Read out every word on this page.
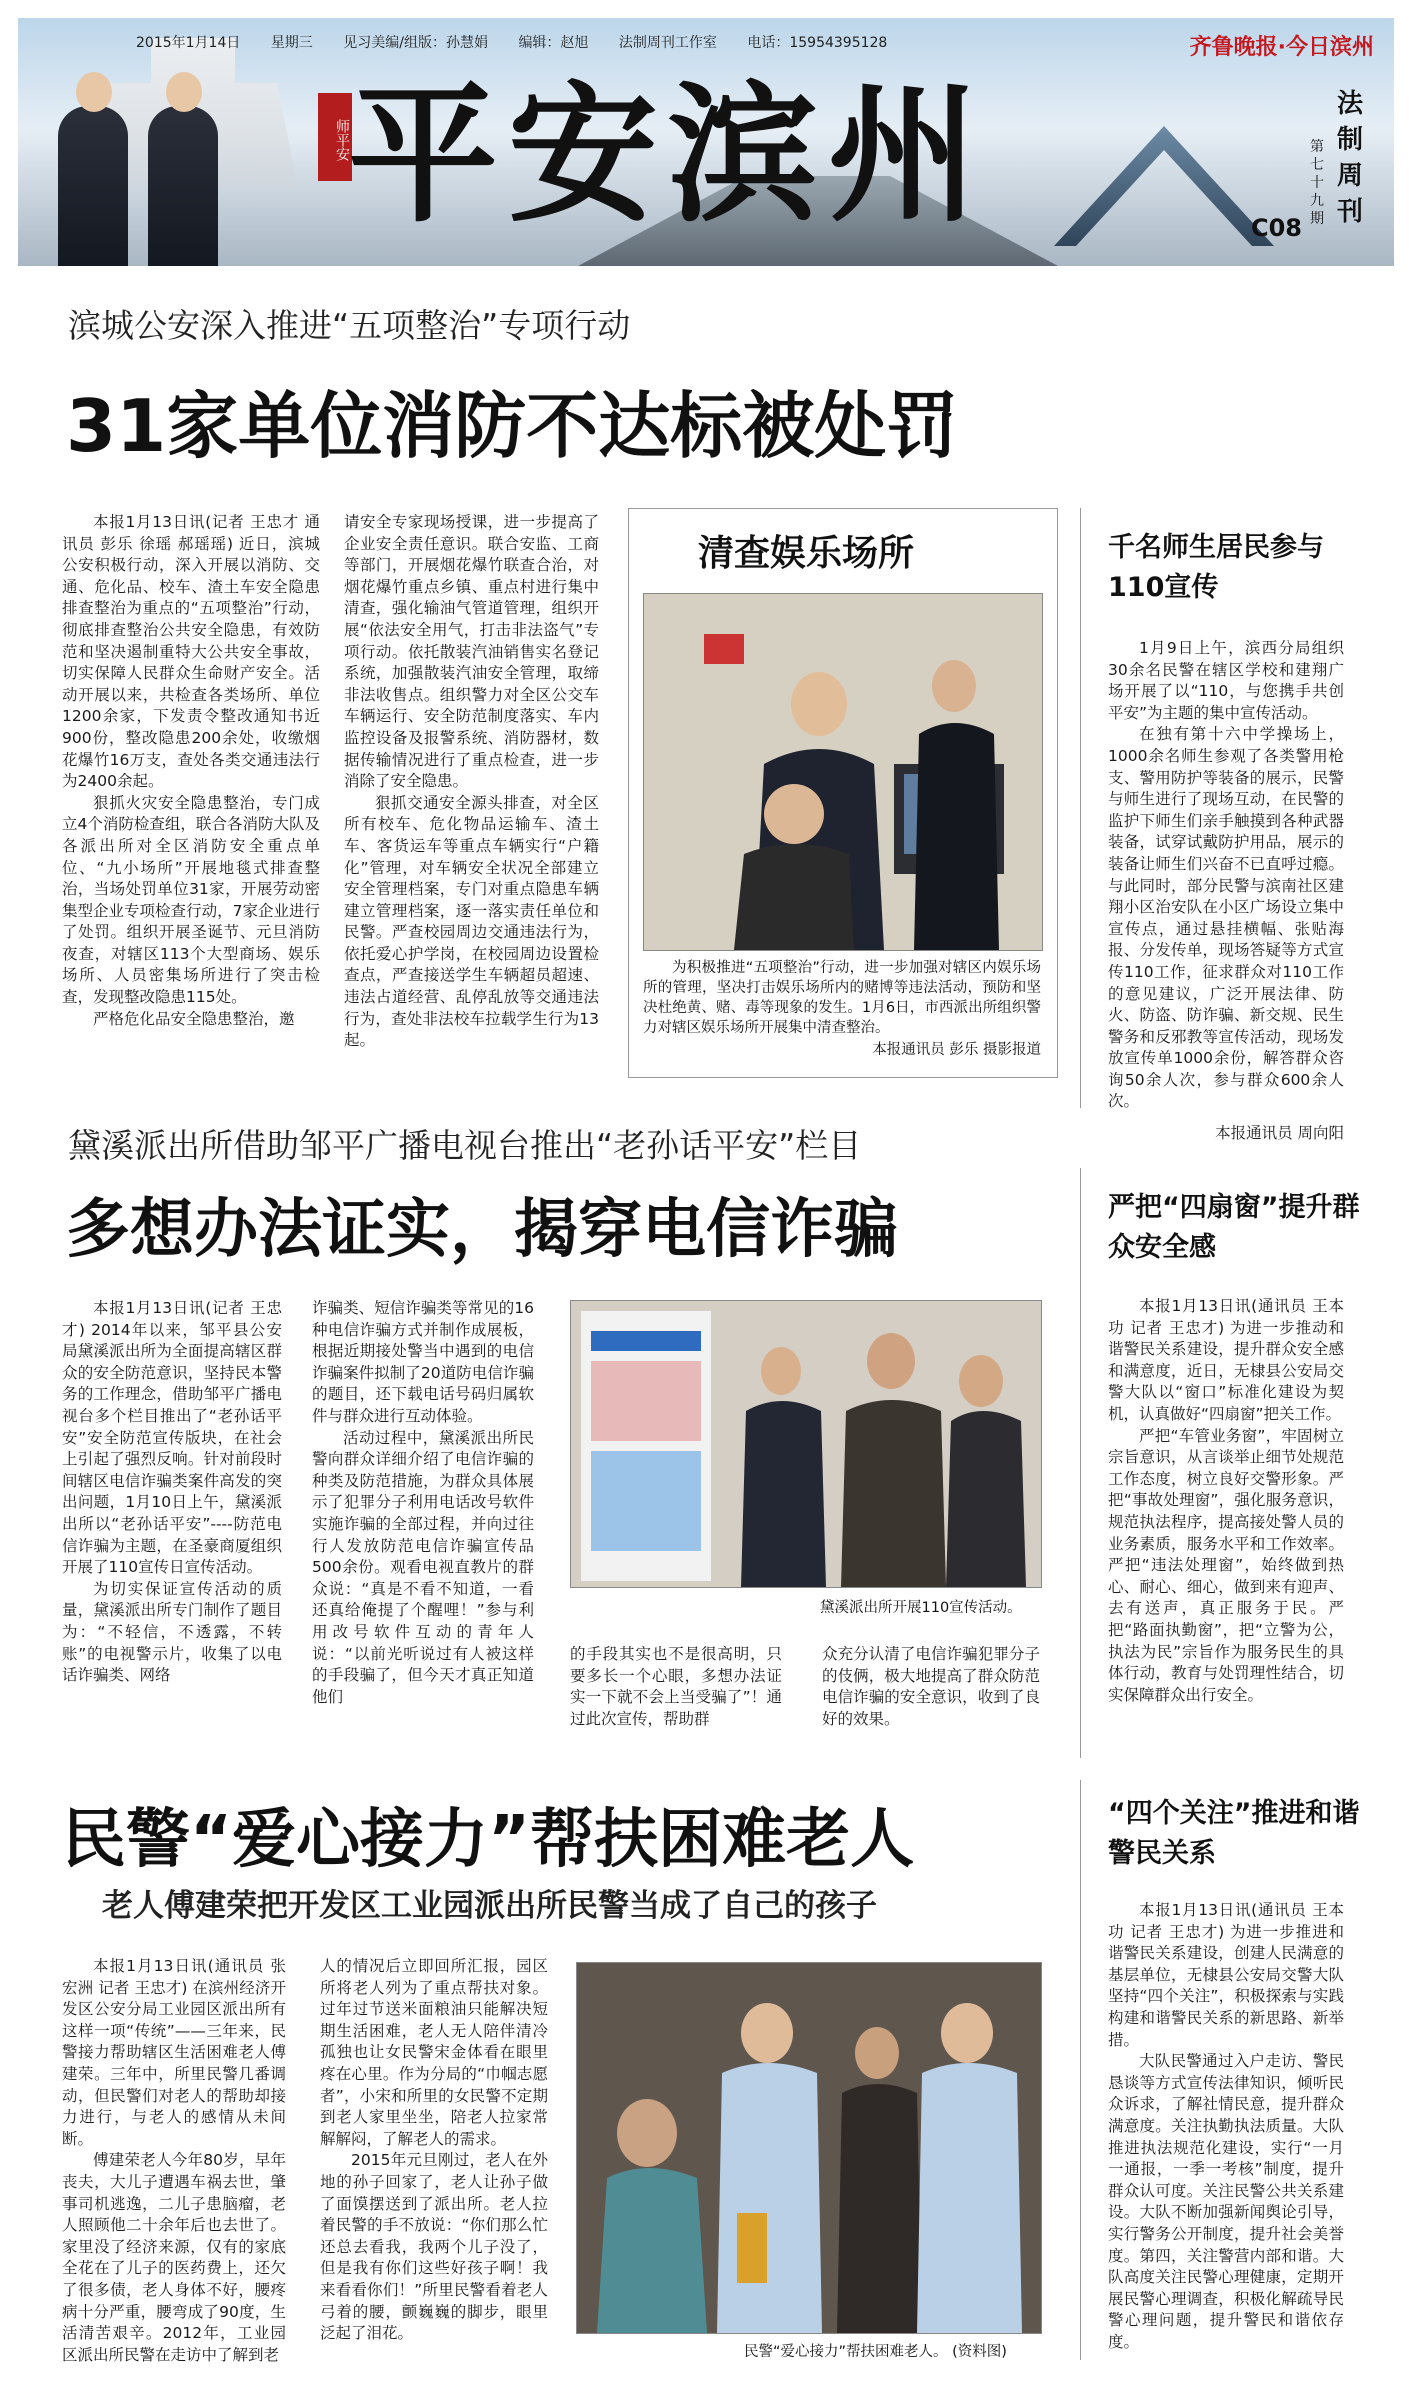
2015年1月14日 星期三 见习美编/组版：孙慧娟 编辑：赵旭 法制周刊工作室 电话：15954395128
师平安
平安滨州
齐鲁晚报·今日滨州
法制周刊
第七十九期
C08
滨城公安深入推进“五项整治”专项行动
31家单位消防不达标被处罚

本报1月13日讯(记者 王忠才 通讯员 彭乐 徐瑶 郝瑶瑶) 近日，滨城公安积极行动，深入开展以消防、交通、危化品、校车、渣土车安全隐患排查整治为重点的“五项整治”行动，彻底排查整治公共安全隐患，有效防范和坚决遏制重特大公共安全事故，切实保障人民群众生命财产安全。活动开展以来，共检查各类场所、单位1200余家，下发责令整改通知书近900份，整改隐患200余处，收缴烟花爆竹16万支，查处各类交通违法行为2400余起。

狠抓火灾安全隐患整治，专门成立4个消防检查组，联合各消防大队及各派出所对全区消防安全重点单位、“九小场所”开展地毯式排查整治，当场处罚单位31家，开展劳动密集型企业专项检查行动，7家企业进行了处罚。组织开展圣诞节、元旦消防夜查，对辖区113个大型商场、娱乐场所、人员密集场所进行了突击检查，发现整改隐患115处。

严格危化品安全隐患整治，邀

请安全专家现场授课，进一步提高了企业安全责任意识。联合安监、工商等部门，开展烟花爆竹联查合治，对烟花爆竹重点乡镇、重点村进行集中清查，强化输油气管道管理，组织开展“依法安全用气，打击非法盗气”专项行动。依托散装汽油销售实名登记系统，加强散装汽油安全管理，取缔非法收售点。组织警力对全区公交车车辆运行、安全防范制度落实、车内监控设备及报警系统、消防器材，数据传输情况进行了重点检查，进一步消除了安全隐患。

狠抓交通安全源头排查，对全区所有校车、危化物品运输车、渣土车、客货运车等重点车辆实行“户籍化”管理，对车辆安全状况全部建立安全管理档案，专门对重点隐患车辆建立管理档案，逐一落实责任单位和民警。严查校园周边交通违法行为，依托爱心护学岗，在校园周边设置检查点，严查接送学生车辆超员超速、违法占道经营、乱停乱放等交通违法行为，查处非法校车拉载学生行为13起。

清查娱乐场所
为积极推进“五项整治”行动，进一步加强对辖区内娱乐场所的管理，坚决打击娱乐场所内的赌博等违法活动，预防和坚决杜绝黄、赌、毒等现象的发生。1月6日，市西派出所组织警力对辖区娱乐场所开展集中清查整治。
本报通讯员 彭乐 摄影报道
千名师生居民参与110宣传

1月9日上午，滨西分局组织30余名民警在辖区学校和建翔广场开展了以“110，与您携手共创平安”为主题的集中宣传活动。

在独有第十六中学操场上，1000余名师生参观了各类警用枪支、警用防护等装备的展示，民警与师生进行了现场互动，在民警的监护下师生们亲手触摸到各种武器装备，试穿试戴防护用品，展示的装备让师生们兴奋不已直呼过瘾。与此同时，部分民警与滨南社区建翔小区治安队在小区广场设立集中宣传点，通过悬挂横幅、张贴海报、分发传单，现场答疑等方式宣传110工作，征求群众对110工作的意见建议，广泛开展法律、防火、防盗、防诈骗、新交规、民生警务和反邪教等宣传活动，现场发放宣传单1000余份，解答群众咨询50余人次，参与群众600余人次。

本报通讯员 周向阳
黛溪派出所借助邹平广播电视台推出“老孙话平安”栏目
多想办法证实，揭穿电信诈骗

本报1月13日讯(记者 王忠才) 2014年以来，邹平县公安局黛溪派出所为全面提高辖区群众的安全防范意识，坚持民本警务的工作理念，借助邹平广播电视台多个栏目推出了“老孙话平安”安全防范宣传版块，在社会上引起了强烈反响。针对前段时间辖区电信诈骗类案件高发的突出问题，1月10日上午，黛溪派出所以“老孙话平安”----防范电信诈骗为主题，在圣豪商厦组织开展了110宣传日宣传活动。

为切实保证宣传活动的质量，黛溪派出所专门制作了题目为：“不轻信，不透露，不转账”的电视警示片，收集了以电话诈骗类、网络

诈骗类、短信诈骗类等常见的16种电信诈骗方式并制作成展板，根据近期接处警当中遇到的电信诈骗案件拟制了20道防电信诈骗的题目，还下载电话号码归属软件与群众进行互动体验。

活动过程中，黛溪派出所民警向群众详细介绍了电信诈骗的种类及防范措施，为群众具体展示了犯罪分子利用电话改号软件实施诈骗的全部过程，并向过往行人发放防范电信诈骗宣传品500余份。观看电视直教片的群众说：“真是不看不知道，一看还真给俺提了个醒哩！”参与利用改号软件互动的青年人说：“以前光听说过有人被这样的手段骗了，但今天才真正知道他们

黛溪派出所开展110宣传活动。

的手段其实也不是很高明，只要多长一个心眼，多想办法证实一下就不会上当受骗了”！通过此次宣传，帮助群

众充分认清了电信诈骗犯罪分子的伎俩，极大地提高了群众防范电信诈骗的安全意识，收到了良好的效果。

严把“四扇窗”提升群众安全感

本报1月13日讯(通讯员 王本功 记者 王忠才) 为进一步推动和谐警民关系建设，提升群众安全感和满意度，近日，无棣县公安局交警大队以“窗口”标准化建设为契机，认真做好“四扇窗”把关工作。

严把“车管业务窗”，牢固树立宗旨意识，从言谈举止细节处规范工作态度，树立良好交警形象。严把“事故处理窗”，强化服务意识，规范执法程序，提高接处警人员的业务素质，服务水平和工作效率。严把“违法处理窗”，始终做到热心、耐心、细心，做到来有迎声、去有送声，真正服务于民。严把“路面执勤窗”，把“立警为公，执法为民”宗旨作为服务民生的具体行动，教育与处罚理性结合，切实保障群众出行安全。

民警“爱心接力”帮扶困难老人
老人傅建荣把开发区工业园派出所民警当成了自己的孩子

本报1月13日讯(通讯员 张宏洲 记者 王忠才) 在滨州经济开发区公安分局工业园区派出所有这样一项“传统”——三年来，民警接力帮助辖区生活困难老人傅建荣。三年中，所里民警几番调动，但民警们对老人的帮助却接力进行，与老人的感情从未间断。

傅建荣老人今年80岁，早年丧夫，大儿子遭遇车祸去世，肇事司机逃逸，二儿子患脑瘤，老人照顾他二十余年后也去世了。家里没了经济来源，仅有的家底全花在了儿子的医药费上，还欠了很多债，老人身体不好，腰疼病十分严重，腰弯成了90度，生活清苦艰辛。2012年，工业园区派出所民警在走访中了解到老

人的情况后立即回所汇报，园区所将老人列为了重点帮扶对象。过年过节送米面粮油只能解决短期生活困难，老人无人陪伴清冷孤独也让女民警宋金体看在眼里疼在心里。作为分局的“巾帼志愿者”，小宋和所里的女民警不定期到老人家里坐坐，陪老人拉家常解解闷，了解老人的需求。

2015年元旦刚过，老人在外地的孙子回家了，老人让孙子做了面馍摆送到了派出所。老人拉着民警的手不放说：“你们那么忙还总去看我，我两个儿子没了，但是我有你们这些好孩子啊！我来看看你们！”所里民警看着老人弓着的腰，颤巍巍的脚步，眼里泛起了泪花。

民警“爱心接力”帮扶困难老人。 (资料图)
“四个关注”推进和谐警民关系

本报1月13日讯(通讯员 王本功 记者 王忠才) 为进一步推进和谐警民关系建设，创建人民满意的基层单位，无棣县公安局交警大队坚持“四个关注”，积极探索与实践构建和谐警民关系的新思路、新举措。

大队民警通过入户走访、警民恳谈等方式宣传法律知识，倾听民众诉求，了解社情民意，提升群众满意度。关注执勤执法质量。大队推进执法规范化建设，实行“一月一通报，一季一考核”制度，提升群众认可度。关注民警公共关系建设。大队不断加强新闻舆论引导，实行警务公开制度，提升社会美誉度。第四，关注警营内部和谐。大队高度关注民警心理健康，定期开展民警心理调查，积极化解疏导民警心理问题，提升警民和谐依存度。
